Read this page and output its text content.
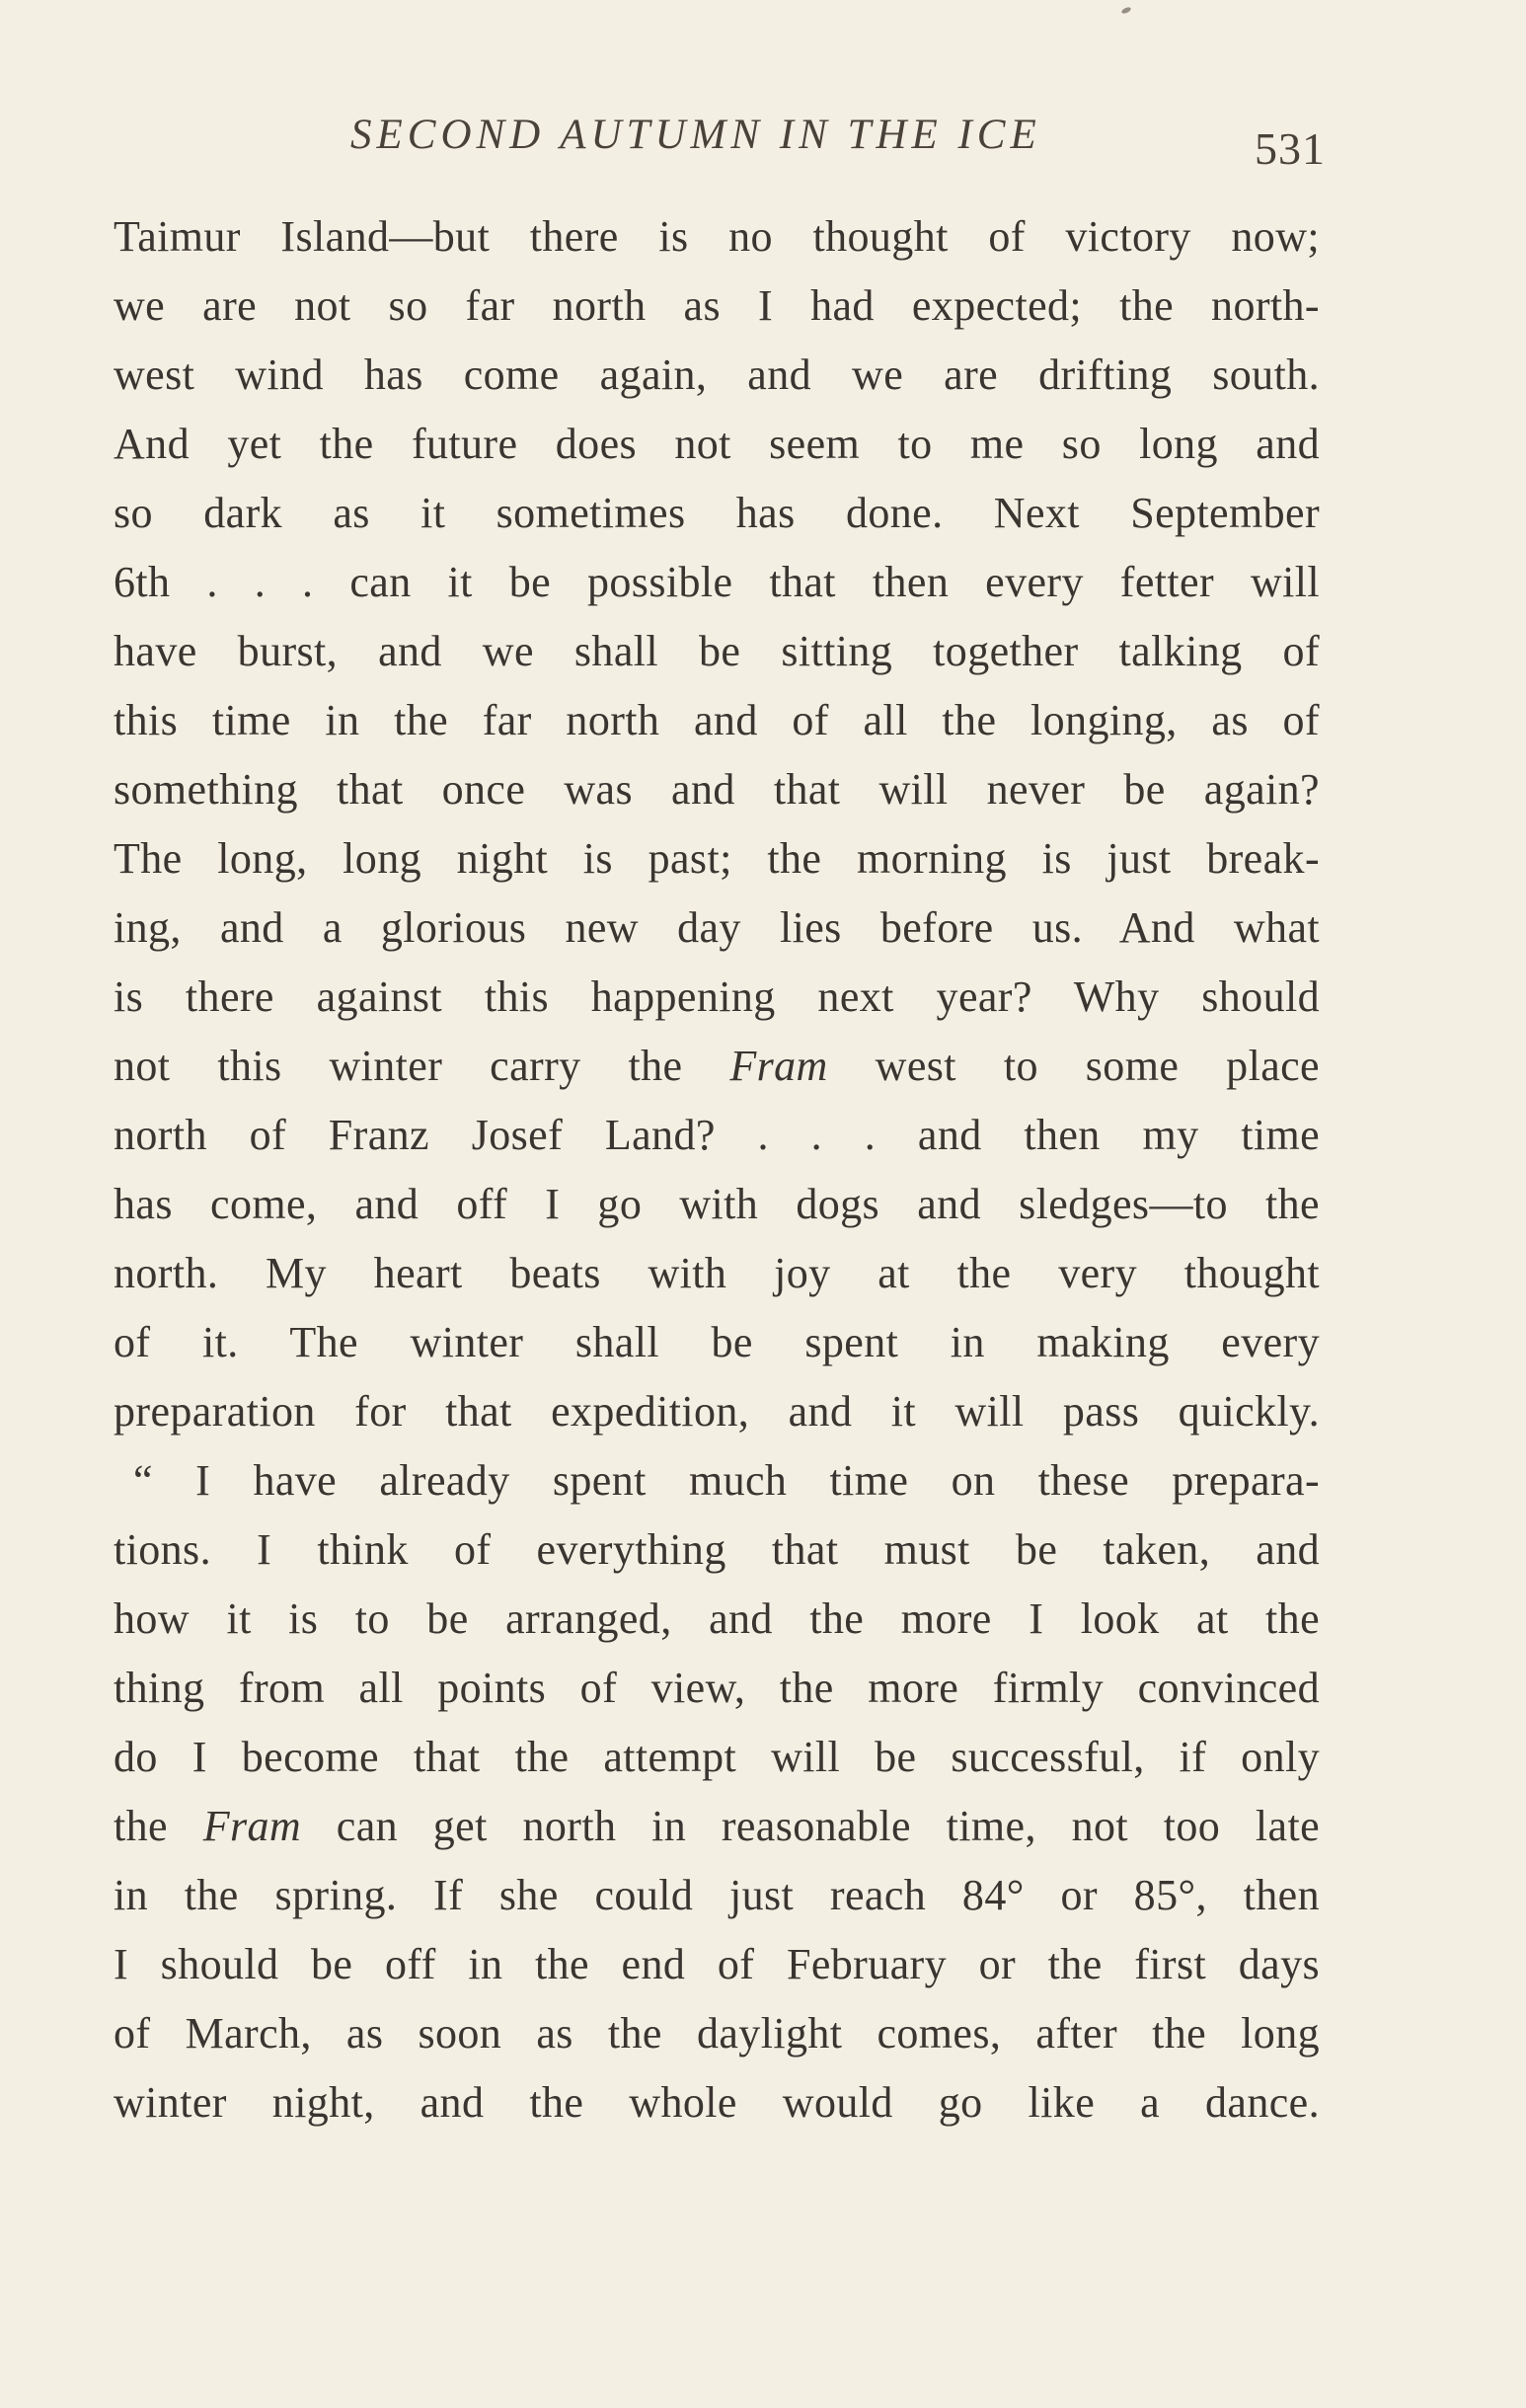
SECOND AUTUMN IN THE ICE	531
Taimur Island—but there is no thought of victory now;
we are not so far north as I had expected; the north-
west wind has come again, and we are drifting south.
And yet the future does not seem to me so long and
so dark as it sometimes has done. Next September
6th . . . can it be possible that then every fetter will
have burst, and we shall be sitting together talking of
this time in the far north and of all the longing, as of
something that once was and that will never be again?
The long, long night is past; the morning is just break-
ing, and a glorious new day lies before us. And what
is there against this happening next year? Why should
not this winter carry the Fram west to some place
north of Franz Josef Land? . . . and then my time
has come, and off I go with dogs and sledges—to the
north. My heart beats with joy at the very thought
of it. The winter shall be spent in making every
preparation for that expedition, and it will pass quickly.
“ I have already spent much time on these prepara-
tions. I think of everything that must be taken, and
how it is to be arranged, and the more I look at the
thing from all points of view, the more firmly convinced
do I become that the attempt will be successful, if only
the Fram can get north in reasonable time, not too late
in the spring. If she could just reach 84° or 85°, then
I should be off in the end of February or the first days
of March, as soon as the daylight comes, after the long
winter night, and the whole would go like a dance.
